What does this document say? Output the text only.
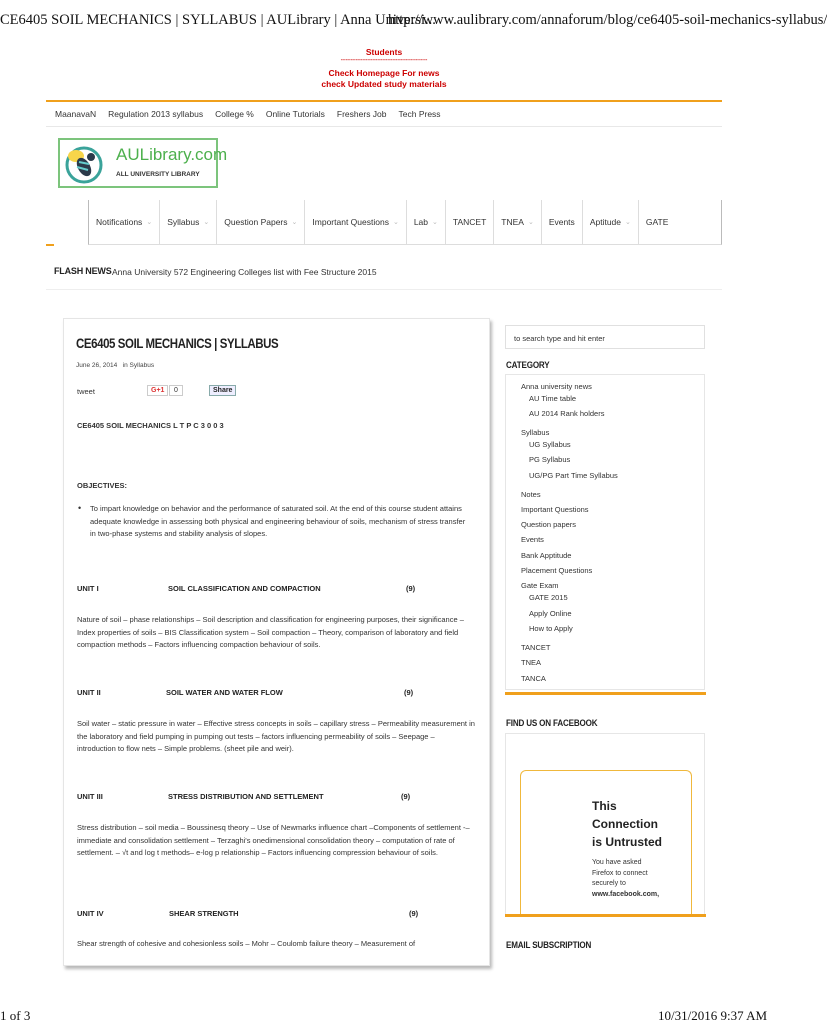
CE6405 SOIL MECHANICS | SYLLABUS | AULibrary | Anna Universi...
http://www.aulibrary.com/annaforum/blog/ce6405-soil-mechanics-syllabus/
Students
----------------------------------------------------
Check Homepage For news
check Updated study materials
MaanavaN Regulation 2013 syllabus College % Online Tutorials Freshers Job Tech Press
AULibrary.com
ALL UNIVERSITY LIBRARY
Notifications ⌄ Syllabus ⌄ Question Papers ⌄ Important Questions ⌄ Lab ⌄ TANCET TNEA ⌄ Events Aptitude ⌄ GATE
FLASH NEWS Anna University 572 Engineering Colleges list with Fee Structure 2015
CE6405 SOIL MECHANICS | SYLLABUS
June 26, 2014 in Syllabus
tweet	G+1	0	Share
CE6405 SOIL MECHANICS L T P C 3 0 0 3
OBJECTIVES:
• To impart knowledge on behavior and the performance of saturated soil. At the end of this course student attains adequate knowledge in assessing both physical and engineering behaviour of soils, mechanism of stress transfer in two-phase systems and stability analysis of slopes.
UNIT I	SOIL CLASSIFICATION AND COMPACTION	(9)
Nature of soil – phase relationships – Soil description and classification for engineering purposes, their significance – Index properties of soils – BIS Classification system – Soil compaction – Theory, comparison of laboratory and field compaction methods – Factors influencing compaction behaviour of soils.
UNIT II	SOIL WATER AND WATER FLOW	(9)
Soil water – static pressure in water – Effective stress concepts in soils – capillary stress – Permeability measurement in the laboratory and field pumping in pumping out tests – factors influencing permeability of soils – Seepage – introduction to flow nets – Simple problems. (sheet pile and weir).
UNIT III	STRESS DISTRIBUTION AND SETTLEMENT	(9)
Stress distribution – soil media – Boussinesq theory – Use of Newmarks influence chart –Components of settlement -– immediate and consolidation settlement – Terzaghi's onedimensional consolidation theory – computation of rate of settlement. – √t and log t methods– e-log p relationship – Factors influencing compression behaviour of soils.
UNIT IV	SHEAR STRENGTH	(9)
Shear strength of cohesive and cohesionless soils – Mohr – Coulomb failure theory – Measurement of
to search type and hit enter
CATEGORY
Anna university news
AU Time table
AU 2014 Rank holders
Syllabus
UG Syllabus
PG Syllabus
UG/PG Part Time Syllabus
Notes
Important Questions
Question papers
Events
Bank Apptitude
Placement Questions
Gate Exam
GATE 2015
Apply Online
How to Apply
TANCET
TNEA
TANCA
FIND US ON FACEBOOK
This
Connection
is Untrusted
You have asked
Firefox to connect
securely to
www.facebook.com,
EMAIL SUBSCRIPTION
1 of 3	10/31/2016 9:37 AM
